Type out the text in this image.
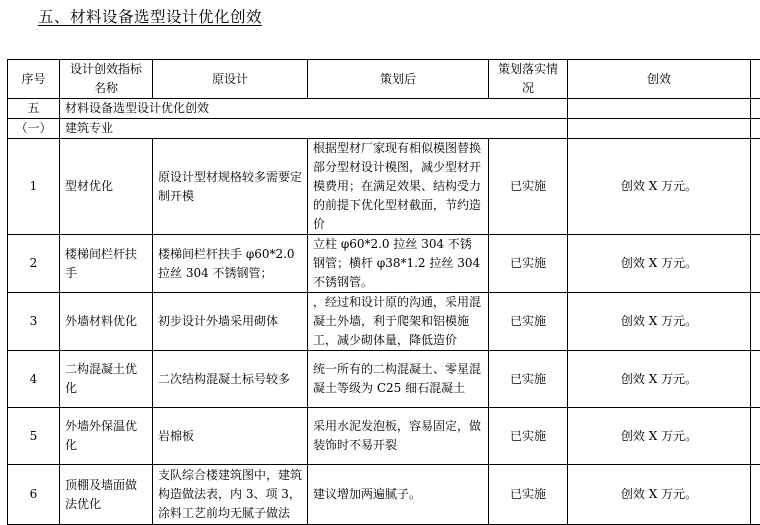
五、材料设备选型设计优化创效
序号	设计创效指标名称	原设计	策划后	策划落实情况	创效	
五	材料设备选型设计优化创效					
（一）	建筑专业					
1	型材优化	原设计型材规格较多需要定制开模	根据型材厂家现有相似模图替换部分型材设计模图，减少型材开模费用；在满足效果、结构受力的前提下优化型材截面，节约造价	已实施	创效 X 万元。	
2	楼梯间栏杆扶手	楼梯间栏杆扶手 φ60*2.0 拉丝 304 不锈钢管；	立柱 φ60*2.0 拉丝 304 不锈钢管；横杆 φ38*1.2 拉丝 304 不锈钢管。	已实施	创效 X 万元。	
3	外墙材料优化	初步设计外墙采用砌体	，经过和设计原的沟通，采用混凝土外墙，利于爬架和铝模施工，减少砌体量，降低造价	已实施	创效 X 万元。	
4	二构混凝土优化	二次结构混凝土标号较多	统一所有的二构混凝土、零星混凝土等级为 C25 细石混凝土	已实施	创效 X 万元。	
5	外墙外保温优化	岩棉板	采用水泥发泡板，容易固定，做装饰时不易开裂	已实施	创效 X 万元。	
6	顶棚及墙面做法优化	支队综合楼建筑图中，建筑构造做法表，内 3、项 3，涂料工艺前均无腻子做法	建议增加两遍腻子。	已实施	创效 X 万元。	
